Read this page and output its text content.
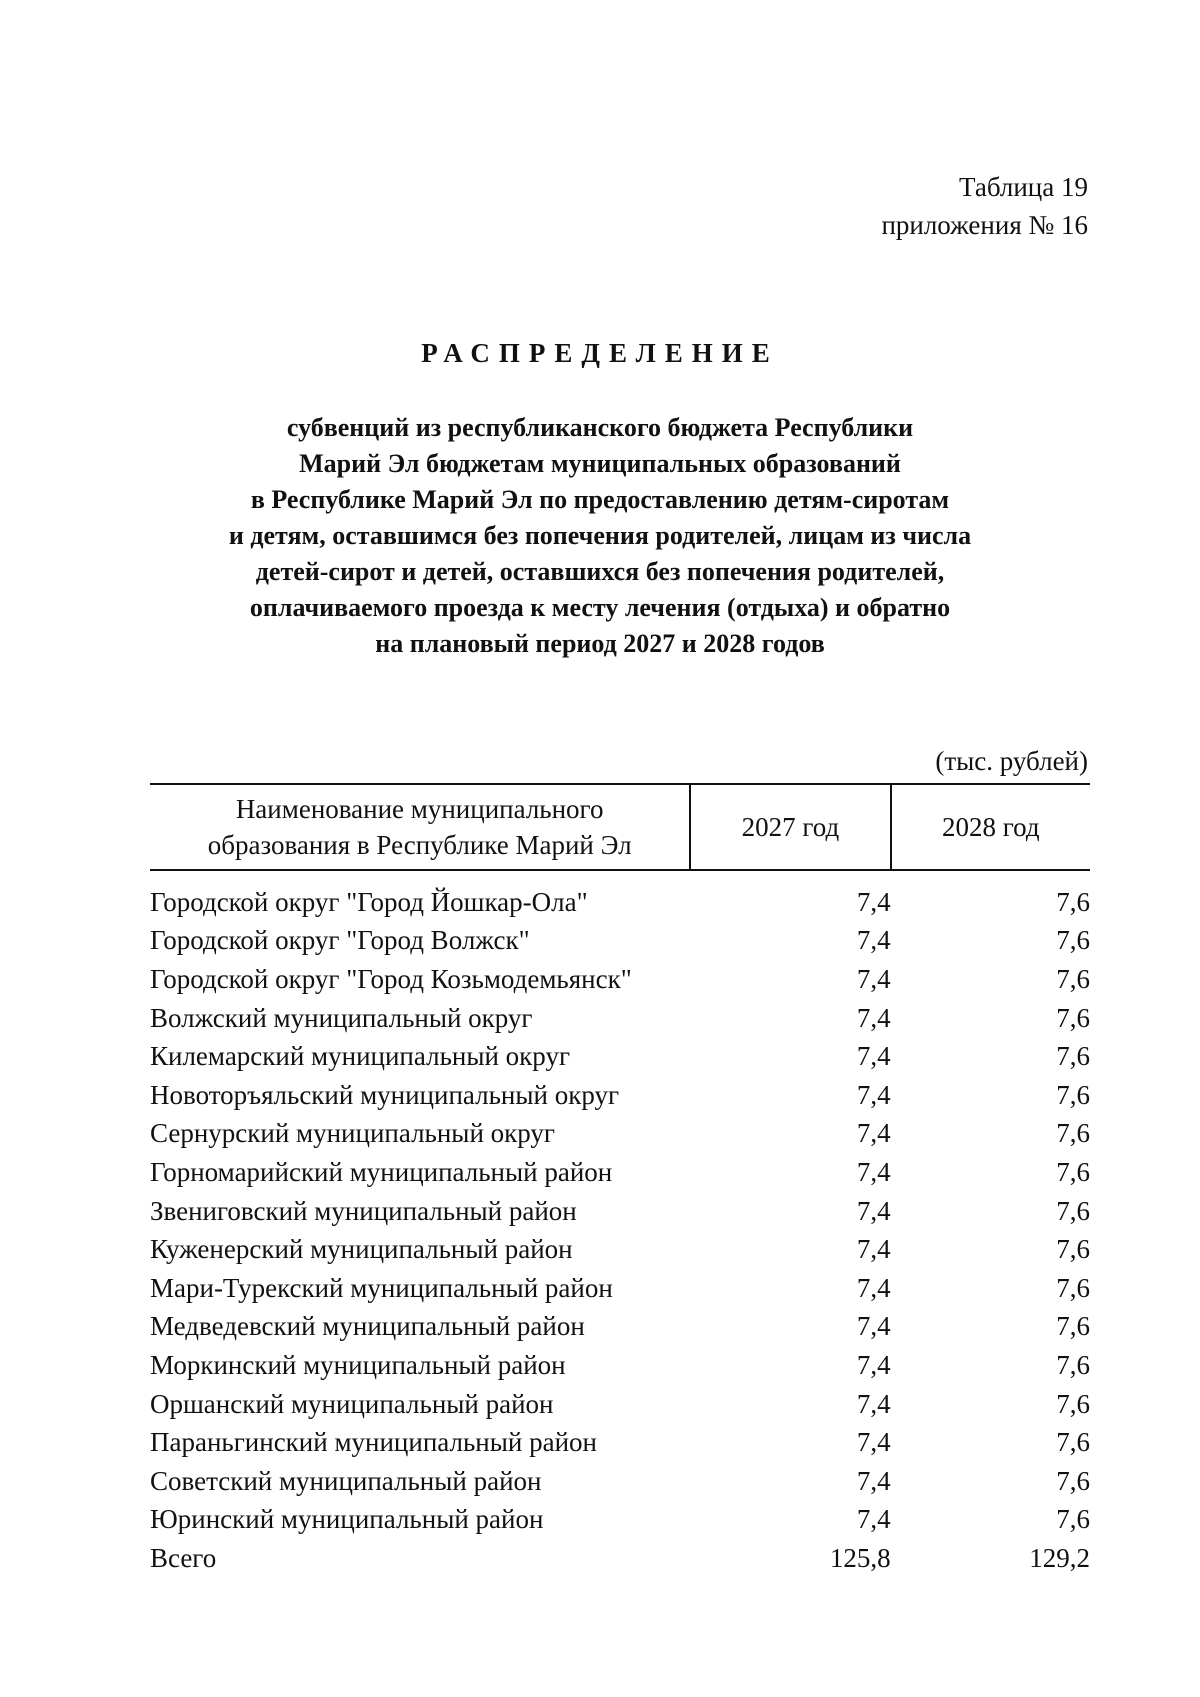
Таблица 19
приложения № 16
РАСПРЕДЕЛЕНИЕ
субвенций из республиканского бюджета Республики
Марий Эл бюджетам муниципальных образований
в Республике Марий Эл по предоставлению детям-сиротам
и детям, оставшимся без попечения родителей, лицам из числа
детей-сирот и детей, оставшихся без попечения родителей,
оплачиваемого проезда к месту лечения (отдыха) и обратно
на плановый период 2027 и 2028 годов
(тыс. рублей)
Наименование муниципального
образования в Республике Марий Эл	2027 год	2028 год

Городской округ "Город Йошкар-Ола"	7,4	7,6
Городской округ "Город Волжск"	7,4	7,6
Городской округ "Город Козьмодемьянск"	7,4	7,6
Волжский муниципальный округ	7,4	7,6
Килемарский муниципальный округ	7,4	7,6
Новоторъяльский муниципальный округ	7,4	7,6
Сернурский муниципальный округ	7,4	7,6
Горномарийский муниципальный район	7,4	7,6
Звениговский муниципальный район	7,4	7,6
Куженерский муниципальный район	7,4	7,6
Мари-Турекский муниципальный район	7,4	7,6
Медведевский муниципальный район	7,4	7,6
Моркинский муниципальный район	7,4	7,6
Оршанский муниципальный район	7,4	7,6
Параньгинский муниципальный район	7,4	7,6
Советский муниципальный район	7,4	7,6
Юринский муниципальный район	7,4	7,6
Всего	125,8	129,2
